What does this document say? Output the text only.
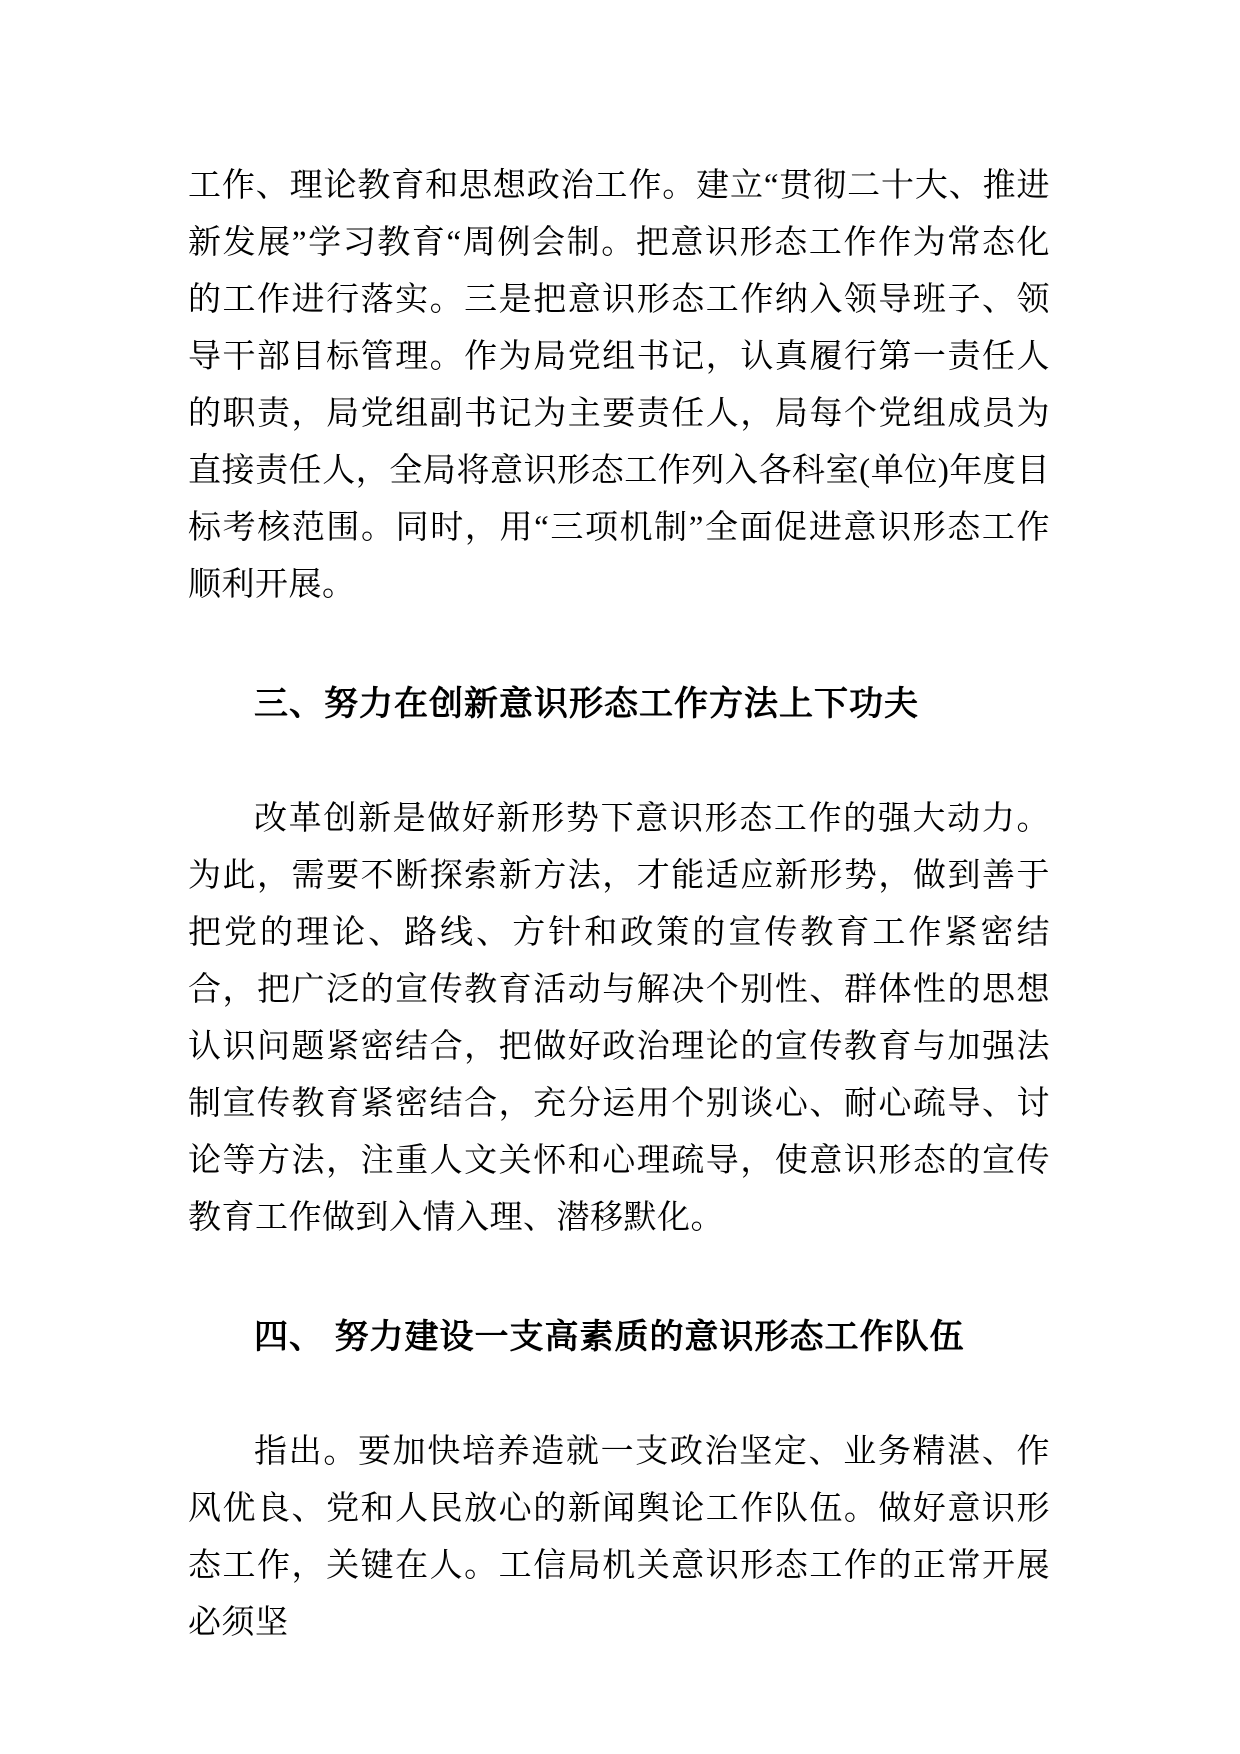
工作、理论教育和思想政治工作。建立“贯彻二十大、推进新发展”学习教育“周例会制。把意识形态工作作为常态化的工作进行落实。三是把意识形态工作纳入领导班子、领导干部目标管理。作为局党组书记，认真履行第一责任人的职责，局党组副书记为主要责任人，局每个党组成员为直接责任人，全局将意识形态工作列入各科室(单位)年度目标考核范围。同时，用“三项机制”全面促进意识形态工作顺利开展。

三、努力在创新意识形态工作方法上下功夫

改革创新是做好新形势下意识形态工作的强大动力。为此，需要不断探索新方法，才能适应新形势，做到善于把党的理论、路线、方针和政策的宣传教育工作紧密结合，把广泛的宣传教育活动与解决个别性、群体性的思想认识问题紧密结合，把做好政治理论的宣传教育与加强法制宣传教育紧密结合，充分运用个别谈心、耐心疏导、讨论等方法，注重人文关怀和心理疏导，使意识形态的宣传教育工作做到入情入理、潜移默化。

四、 努力建设一支高素质的意识形态工作队伍

指出。要加快培养造就一支政治坚定、业务精湛、作风优良、党和人民放心的新闻舆论工作队伍。做好意识形态工作，关键在人。工信局机关意识形态工作的正常开展必须坚
